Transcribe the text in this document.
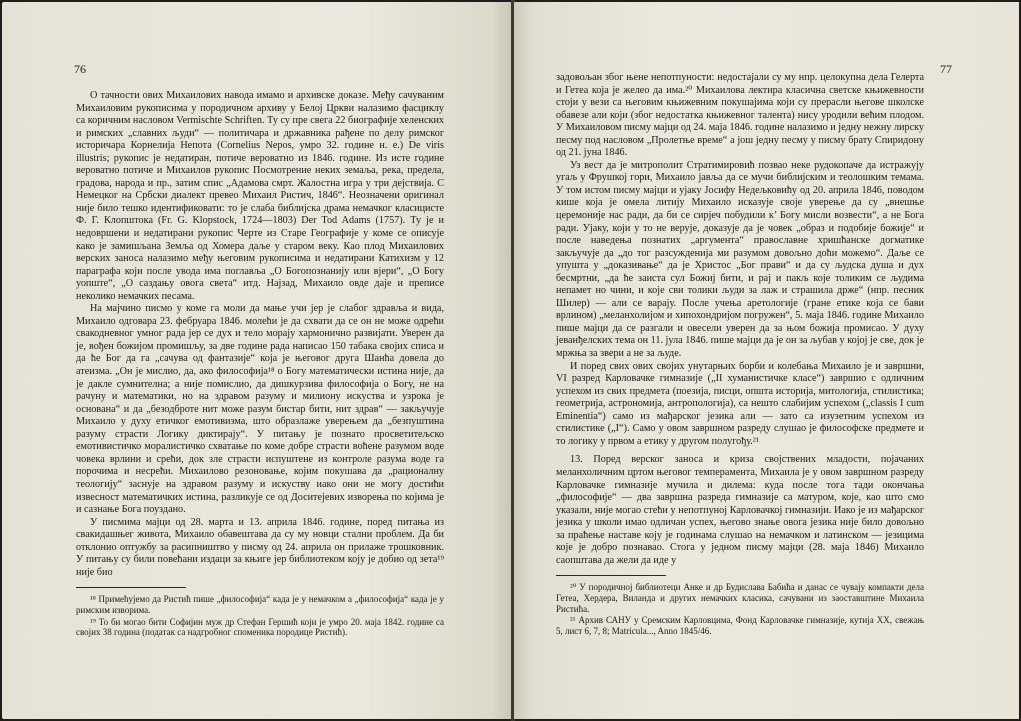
76

О тачности ових Михаилових навода имамо и архивске доказе. Међу сачуваним Михаиловим рукописима у породичном архиву у Белој Цркви налазимо фасциклу са коричним насловом Vermischte Schriften. Ту су пре свега 22 биографије хеленских и римских „славних људи“ — политичара и државника рађене по делу римског историчара Корнелија Непота (Cornelius Nepos, умро 32. године н. е.) De viris illustris; рукопис је недатиран, потиче вероватно из 1846. године. Из исте године вероватно потиче и Михаилов рукопис Посмотрение неких земаља, река, предела, градова, народа и пр., затим спис „Адамова смрт. Жалостна игра у три дејствија. С Немецког на Србски диалект превео Михаил Ристич, 1846“. Неозначени оригинал није било тешко идентификовати: то је слаба библијска драма немачког класицисте Ф. Г. Клопштока (Fr. G. Klopstock, 1724—1803) Der Tod Adams (1757). Ту је и недовршени и недатирани рукопис Черте из Старе Географије у коме се описује како је замишљана Земља од Хомера даље у старом веку. Као плод Михаилових верских заноса налазимо међу његовим рукописима и недатирани Катихизм у 12 параграфа који после увода има поглавља „О Богопознанију или вјери“, „О Богу уопште“, „О саздању овога света“ итд. Најзад, Михаило овде даје и преписе неколико немачких песама.

На мајчино писмо у коме га моли да мање учи јер је слабог здравља и вида, Михаило одговара 23. фебруара 1846. молећи је да схвати да се он не може одрећи свакодневног умног рада јер се дух и тело морају хармонично развијати. Уверен да је, вођен божијом промишљу, за две године рада написао 150 табака својих списа и да ће Бог да га „сачува од фантазије“ која је његовог друга Шанћа довела до атеизма. „Он је мислио, да, ако философија¹⁸ о Богу математически истина није, да је дакле сумнителна; а није помислио, да дишкурзива философија о Богу, не на рачуну и математики, но на здравом разуму и милиону искуства и узрока је основана“ и да „безодброте нит може разум бистар бити, нит здрав“ — закључује Михаило у духу етичког емотивизма, што образлаже уверењем да „безпуштина разуму страсти Логику диктирају“. У питању је познато просветитељско емотивистичко моралистичко схватање по коме добре страсти воћене разумом воде човека врлини и срећи, док зле страсти испуштене из контроле разума воде га порочима и несрећи. Михаилово резоновање, којим покушава да „рационалну теологију“ заснује на здравом разуму и искуству иако они не могу достићи извесност математичких истина, разликује се од Доситејевих изворења по којима је и сазнање Бога поуздано.

У писмима мајци од 28. марта и 13. априла 1846. године, поред питања из свакидашњег живота, Михаило обавештава да су му новци стални проблем. Да би отклонио оптужбу за расипништво у писму од 24. априла он прилаже трошковник. У питању су били повећани издаци за књиге јер библиотеком коју је добио од зета¹⁹ није био

¹⁸ Примећујемо да Ристић пише „философија“ када је у немачком а „философија“ када је у римским изворима.

¹⁹ То би могао бити Софијин муж др Стефан Гершић који је умро 20. маја 1842. године са својих 38 година (податак са надгробног споменика породице Ристић).

77

задовољан због њене непотпуности: недостајали су му нпр. целокупна дела Гелерта и Гетеа која је желео да има.²⁰ Михаилова лектира класична светске књижевности стоји у вези са његовим књижевним покушајима који су прерасли његове школске обавезе али који (због недостатка књижевног талента) нису уродили већим плодом. У Михаиловом писму мајци од 24. маја 1846. године налазимо и једну нежну лирску песму под насловом „Пролетње време“ а још једну песму у писму брату Спиридону од 21. јуна 1846.

Уз вест да је митрополит Стратимировић позвао неке рудокопаче да истражују угаљ у Фрушкој гори, Михаило јавља да се мучи библијским и теолошким темама. У том истом писму мајци и ујаку Јосифу Недељковићу од 20. априла 1846, поводом кише која је омела литију Михаило исказује своје уверење да су „внешње церемоније нас ради, да би се сирјеч побудили к’ Богу мисли возвести“, а не Бога ради. Ујаку, који у то не верује, доказује да је човек „образ и подобије божије“ и после наведења познатих „аргумента“ православне хришћанске догматике закључује да „до тог разсужденија ми разумом довољно доћи можемо“. Даље се упушта у „доказивање“ да је Христос „Бог прави“ и да су људска душа и дух бесмртни, „да ће заиста сул Божиј бити, и рај и пакљ које толиким се људима непамет но чини, и које сви толики људи за лаж и страшила држе“ (нпр. песник Шилер) — али се варају. После учења аретологије (гране етике која се бави врлином) „меланхолијом и хипохондријом погружен“, 5. маја 1846. године Михаило пише мајци да се разгали и овесели уверен да за њом божија промисао. У духу јеванђелских тема он 11. јула 1846. пише мајци да је он за љубав у којој је све, док је мржња за звери а не за људе.

И поред свих ових својих унутарњих борби и колебања Михаило је и завршни, VI разред Карловачке гимназије („II хуманистичке класе“) завршио с одличним успехом из свих предмета (поезија, писци, општа историја, митологија, стилистика; геометрија, астрономија, антропологија), са нешто слабијим успехом („classis I cum Eminentia“) само из мађарског језика али — зато са изузетним успехом из стилистике („I“). Само у овом завршном разреду слушао је философске предмете и то логику у првом а етику у другом полугођу.²¹

13. Поред верског заноса и криза својствених младости, појачаних меланхоличним цртом његовог темперамента, Михаила је у овом завршном разреду Карловачке гимназије мучила и дилема: куда после тога тади окончања „философије“ — два завршна разреда гимназије са матуром, које, као што смо указали, није могао стећи у непотпуној Карловачкој гимназији. Иако је из мађарског језика у школи имао одличан успех, његово знање овога језика није било довољно за праћење наставе коју је годинама слушао на немачком и латинском — језицима које је добро познавао. Стога у једном писму мајци (28. маја 1846) Михаило саопштава да жели да иде у

²⁰ У породичној библиотеци Анке и др Будислава Бабића и данас се чувају компакти дела Гетеа, Хердера, Виланда и других немачких класика, сачувани из заоставштине Михаила Ристића.

²¹ Архив САНУ у Сремским Карловцима, Фонд Карловачке гимназије, кутија XX, свежањ 5, лист 6, 7, 8; Matricula..., Anno 1845/46.
